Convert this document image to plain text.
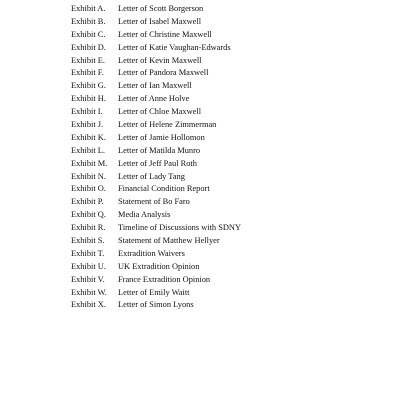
Exhibit A.	Letter of Scott Borgerson
Exhibit B.	Letter of Isabel Maxwell
Exhibit C.	Letter of Christine Maxwell
Exhibit D.	Letter of Katie Vaughan-Edwards
Exhibit E.	Letter of Kevin Maxwell
Exhibit F.	Letter of Pandora Maxwell
Exhibit G.	Letter of Ian Maxwell
Exhibit H.	Letter of Anne Holve
Exhibit I.	Letter of Chloe Maxwell
Exhibit J.	Letter of Helene Zimmerman
Exhibit K.	Letter of Jamie Hollomon
Exhibit L.	Letter of Matilda Munro
Exhibit M.	Letter of Jeff Paul Roth
Exhibit N.	Letter of Lady Tang
Exhibit O.	Financial Condition Report
Exhibit P.	Statement of Bo Faro
Exhibit Q.	Media Analysis
Exhibit R.	Timeline of Discussions with SDNY
Exhibit S.	Statement of Matthew Hellyer
Exhibit T.	Extradition Waivers
Exhibit U.	UK Extradition Opinion
Exhibit V.	France Extradition Opinion
Exhibit W.	Letter of Emily Waitt
Exhibit X.	Letter of Simon Lyons
